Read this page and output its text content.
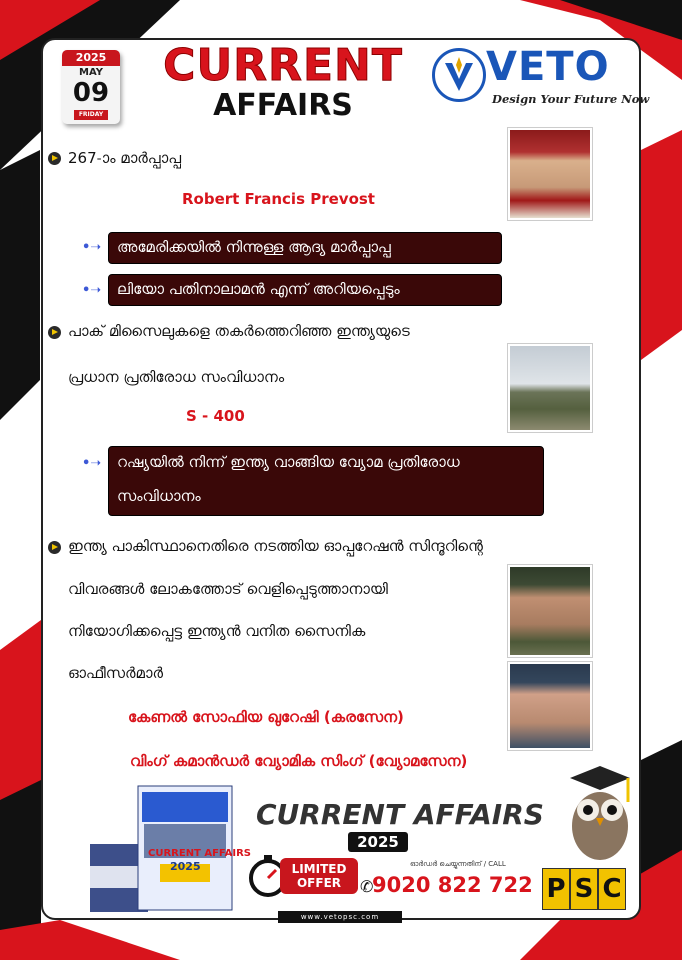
2025
MAY
09
FRIDAY
CURRENT
AFFAIRS
VETO
Design Your Future Now
267-ാം മാർപ്പാപ്പ
Robert Francis Prevost
•➝ അമേരിക്കയിൽ നിന്നുള്ള ആദ്യ മാർപ്പാപ്പ
•➝ ലിയോ പതിനാലാമൻ എന്ന് അറിയപ്പെടും
പാക് മിസൈലുകളെ തകർത്തെറിഞ്ഞ ഇന്ത്യയുടെ
പ്രധാന പ്രതിരോധ സംവിധാനം
S - 400
•➝ റഷ്യയിൽ നിന്ന് ഇന്ത്യ വാങ്ങിയ വ്യോമ പ്രതിരോധ
സംവിധാനം
ഇന്ത്യ പാകിസ്ഥാനെതിരെ നടത്തിയ ഓപ്പറേഷൻ സിന്ദൂറിന്റെ
വിവരങ്ങൾ ലോകത്തോട് വെളിപ്പെടുത്താനായി
നിയോഗിക്കപ്പെട്ട ഇന്ത്യൻ വനിത സൈനിക
ഓഫീസർമാർ
കേണൽ സോഫിയ ഖുറേഷി (കരസേന)
വിംഗ് കമാൻഡർ വ്യോമിക സിംഗ് (വ്യോമസേന)
CURRENT AFFAIRS
2025
CURRENT AFFAIRS
2025
LIMITED
OFFER
ഓർഡർ ചെയ്യുന്നതിന് / CALL
✆
9020 822 722 P S C
www.vetopsc.com
